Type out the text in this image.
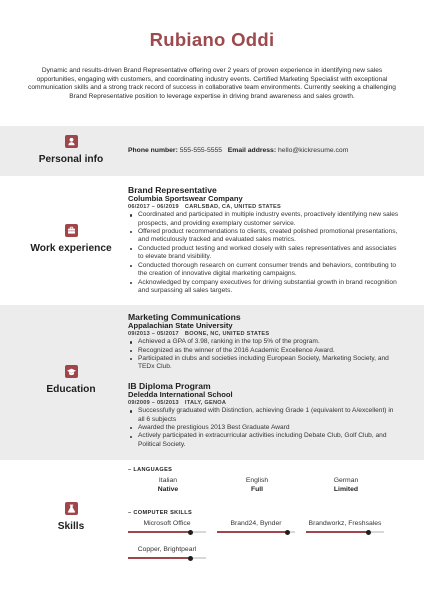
Rubiano Oddi
Dynamic and results-driven Brand Representative offering over 2 years of proven experience in identifying new sales opportunities, engaging with customers, and coordinating industry events. Certified Marketing Specialist with exceptional communication skills and a strong track record of success in collaborative team environments. Currently seeking a challenging Brand Representative position to leverage expertise in driving brand awareness and sales growth.
Personal info
Phone number: 555-555-5555 Email address: hello@kickresume.com
Work experience
Brand Representative
Columbia Sportswear Company
06/2017 – 06/2019 CARLSBAD, CA, UNITED STATES
Coordinated and participated in multiple industry events, proactively identifying new sales prospects, and providing exemplary customer service.
Offered product recommendations to clients, created polished promotional presentations, and meticulously tracked and evaluated sales metrics.
Conducted product testing and worked closely with sales representatives and associates to elevate brand visibility.
Conducted thorough research on current consumer trends and behaviors, contributing to the creation of innovative digital marketing campaigns.
Acknowledged by company executives for driving substantial growth in brand recognition and surpassing all sales targets.
Education
Marketing Communications
Appalachian State University
09/2013 – 05/2017 BOONE, NC, UNITED STATES
Achieved a GPA of 3.98, ranking in the top 5% of the program.
Recognized as the winner of the 2016 Academic Excellence Award.
Participated in clubs and societies including European Society, Marketing Society, and TEDx Club.
IB Diploma Program
Deledda International School
09/2009 – 05/2013 ITALY, GENOA
Successfully graduated with Distinction, achieving Grade 1 (equivalent to A/excellent) in all 6 subjects
Awarded the prestigious 2013 Best Graduate Award
Actively participated in extracurricular activities including Debate Club, Golf Club, and Political Society.
Skills
– LANGUAGES
Italian
Native
English
Full
German
Limited
– COMPUTER SKILLS
Microsoft Office	Brand24, Bynder	Brandworkz, Freshsales
Copper, Brightpearl
